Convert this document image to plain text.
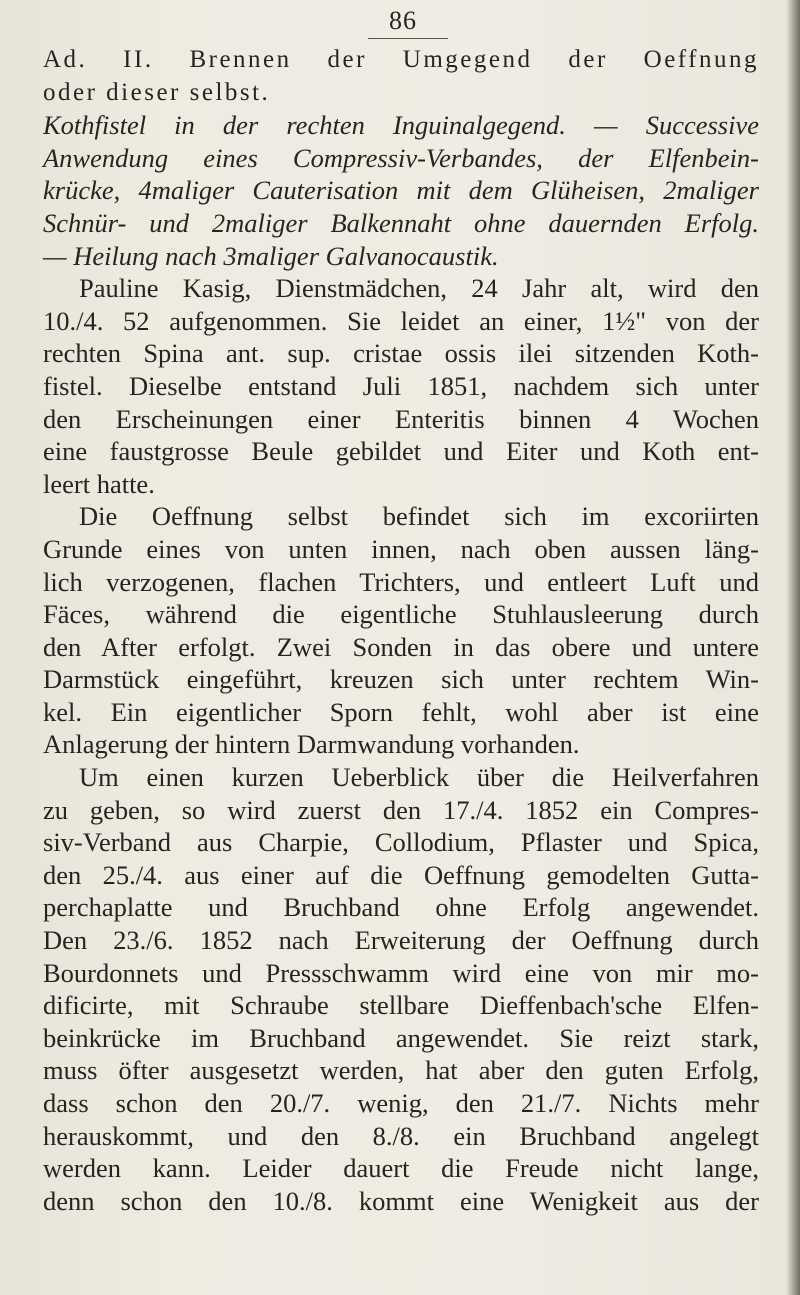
86
Ad. II. Brennen der Umgegend der Oeffnung
oder dieser selbst.
Kothfistel in der rechten Inguinalgegend. — Successive
Anwendung eines Compressiv-Verbandes, der Elfenbein-
krücke, 4maliger Cauterisation mit dem Glüheisen, 2maliger
Schnür- und 2maliger Balkennaht ohne dauernden Erfolg.
— Heilung nach 3maliger Galvanocaustik.
Pauline Kasig, Dienstmädchen, 24 Jahr alt, wird den
10./4. 52 aufgenommen. Sie leidet an einer, 1½" von der
rechten Spina ant. sup. cristae ossis ilei sitzenden Koth-
fistel. Dieselbe entstand Juli 1851, nachdem sich unter
den Erscheinungen einer Enteritis binnen 4 Wochen
eine faustgrosse Beule gebildet und Eiter und Koth ent-
leert hatte.
Die Oeffnung selbst befindet sich im excoriirten
Grunde eines von unten innen, nach oben aussen läng-
lich verzogenen, flachen Trichters, und entleert Luft und
Fäces, während die eigentliche Stuhlausleerung durch
den After erfolgt. Zwei Sonden in das obere und untere
Darmstück eingeführt, kreuzen sich unter rechtem Win-
kel. Ein eigentlicher Sporn fehlt, wohl aber ist eine
Anlagerung der hintern Darmwandung vorhanden.
Um einen kurzen Ueberblick über die Heilverfahren
zu geben, so wird zuerst den 17./4. 1852 ein Compres-
siv-Verband aus Charpie, Collodium, Pflaster und Spica,
den 25./4. aus einer auf die Oeffnung gemodelten Gutta-
perchaplatte und Bruchband ohne Erfolg angewendet.
Den 23./6. 1852 nach Erweiterung der Oeffnung durch
Bourdonnets und Pressschwamm wird eine von mir mo-
dificirte, mit Schraube stellbare Dieffenbach'sche Elfen-
beinkrücke im Bruchband angewendet. Sie reizt stark,
muss öfter ausgesetzt werden, hat aber den guten Erfolg,
dass schon den 20./7. wenig, den 21./7. Nichts mehr
herauskommt, und den 8./8. ein Bruchband angelegt
werden kann. Leider dauert die Freude nicht lange,
denn schon den 10./8. kommt eine Wenigkeit aus der
